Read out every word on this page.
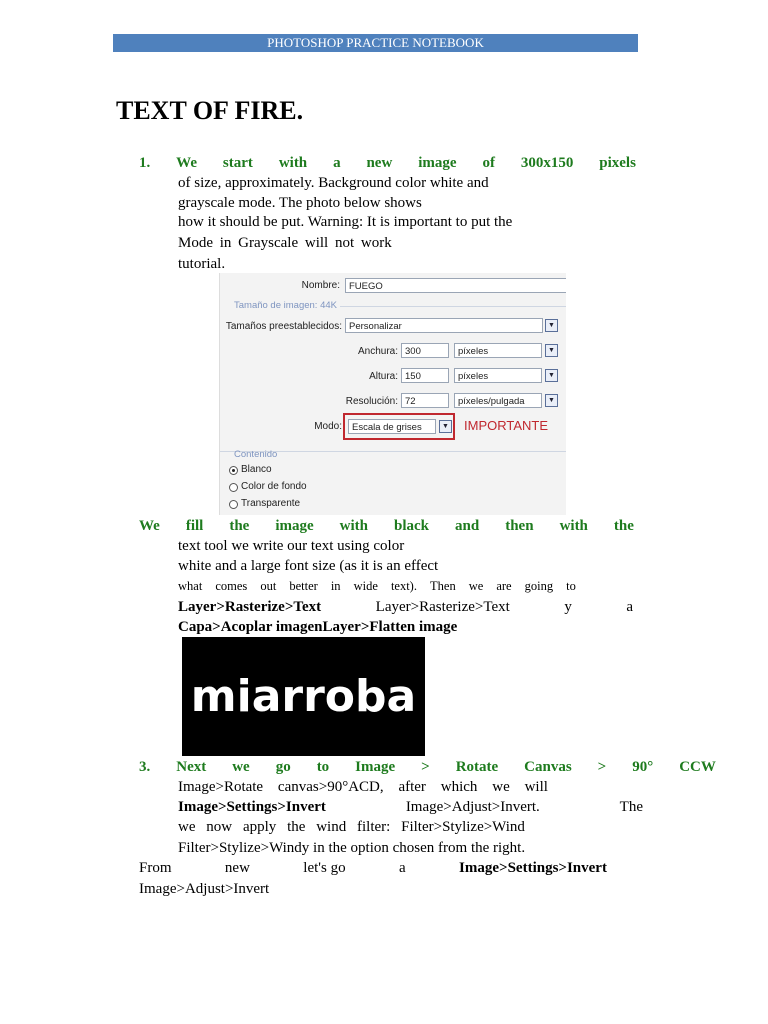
PHOTOSHOP PRACTICE NOTEBOOK
TEXT OF FIRE.
1. We start with a new image of 300x150 pixels
of size, approximately. Background color white and
grayscale mode. The photo below shows
how it should be put. Warning: It is important to put the
Mode in Grayscale will not work
tutorial.
Nombre: FUEGO
Tamaño de imagen: 44K
Tamaños preestablecidos: Personalizar	▼
Anchura: 300	píxeles	▼
Altura: 150	píxeles	▼
Resolución: 72	píxeles/pulgada	▼
Modo:	Escala de grises	▼ IMPORTANTE
Contenido
Blanco
Color de fondo
Transparente
We fill the image with black and then with the
text tool we write our text using color
white and a large font size (as it is an effect
what comes out better in wide text). Then we are going to
Layer>Rasterize>Text	Layer>Rasterize>Text	y	a
Capa>Acoplar imagenLayer>Flatten image
miarroba
3. Next we go to Image > Rotate Canvas > 90° CCW
Image>Rotate canvas>90°ACD, after which we will
Image>Settings>Invert	Image>Adjust>Invert.	The
we now apply the wind filter: Filter>Stylize>Wind
Filter>Stylize>Windy in the option chosen from the right.
From	new	let's go	a	Image>Settings>Invert
Image>Adjust>Invert
